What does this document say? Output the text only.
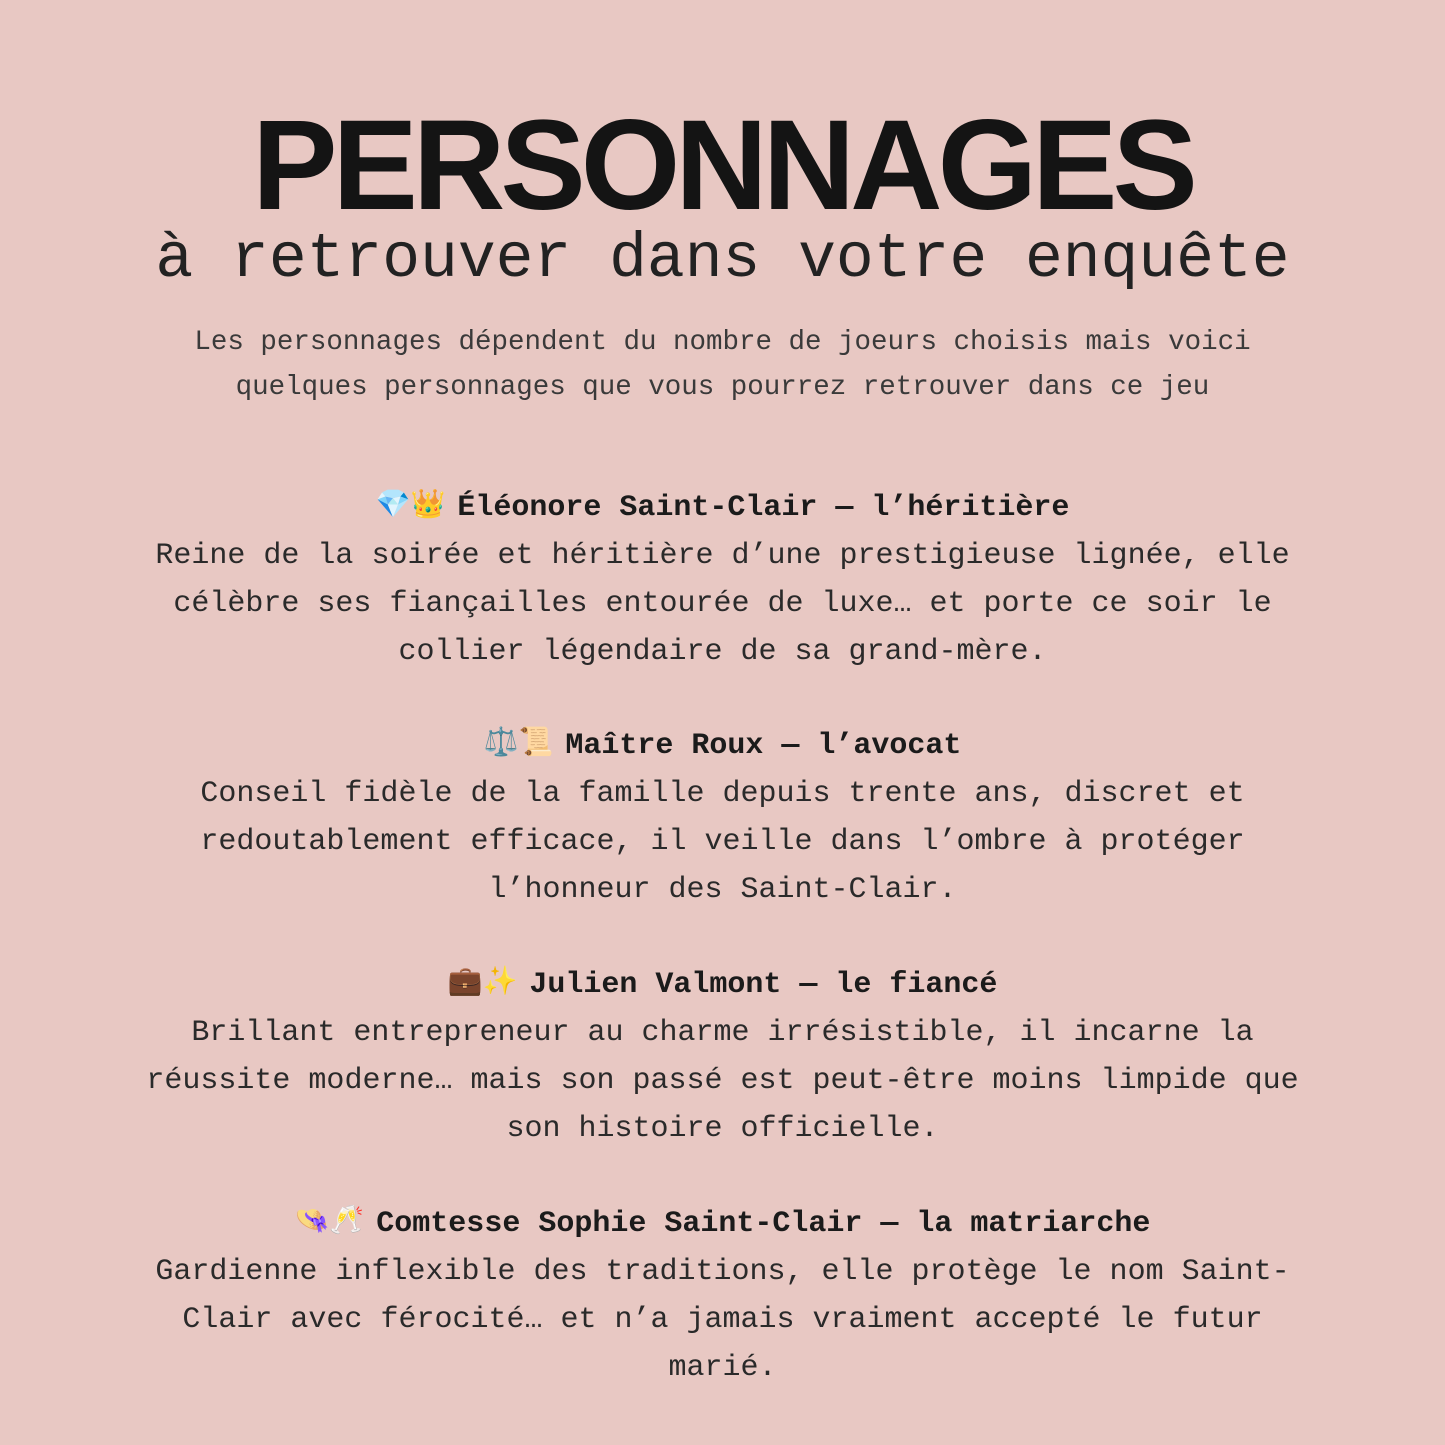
PERSONNAGES
à retrouver dans votre enquête
Les personnages dépendent du nombre de joeurs choisis mais voici
quelques personnages que vous pourrez retrouver dans ce jeu
💎👑 Éléonore Saint-Clair — l’héritière
Reine de la soirée et héritière d’une prestigieuse lignée, elle
célèbre ses fiançailles entourée de luxe… et porte ce soir le
collier légendaire de sa grand-mère.
⚖️📜 Maître Roux — l’avocat
Conseil fidèle de la famille depuis trente ans, discret et
redoutablement efficace, il veille dans l’ombre à protéger
l’honneur des Saint-Clair.
💼✨ Julien Valmont — le fiancé
Brillant entrepreneur au charme irrésistible, il incarne la
réussite moderne… mais son passé est peut-être moins limpide que
son histoire officielle.
👒🥂 Comtesse Sophie Saint-Clair — la matriarche
Gardienne inflexible des traditions, elle protège le nom Saint-
Clair avec férocité… et n’a jamais vraiment accepté le futur
marié.
